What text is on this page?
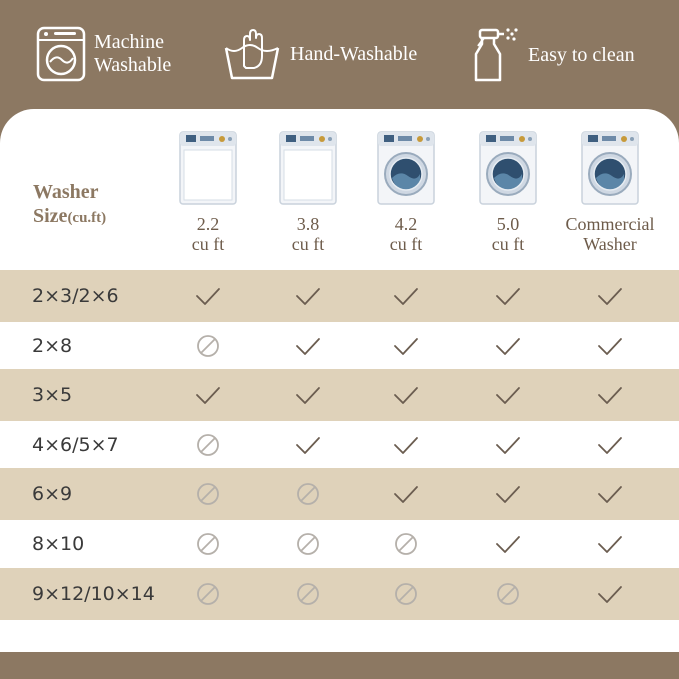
Machine
Washable
Hand-Washable	Easy to clean
Washer
Size(cu.ft)	2.2
cu ft
3.8
cu ft
4.2
cu ft
5.0
cu ft
Commercial
Washer
2×3/2×6
2×8
3×5
4×6/5×7
6×9
8×10
9×12/10×14
